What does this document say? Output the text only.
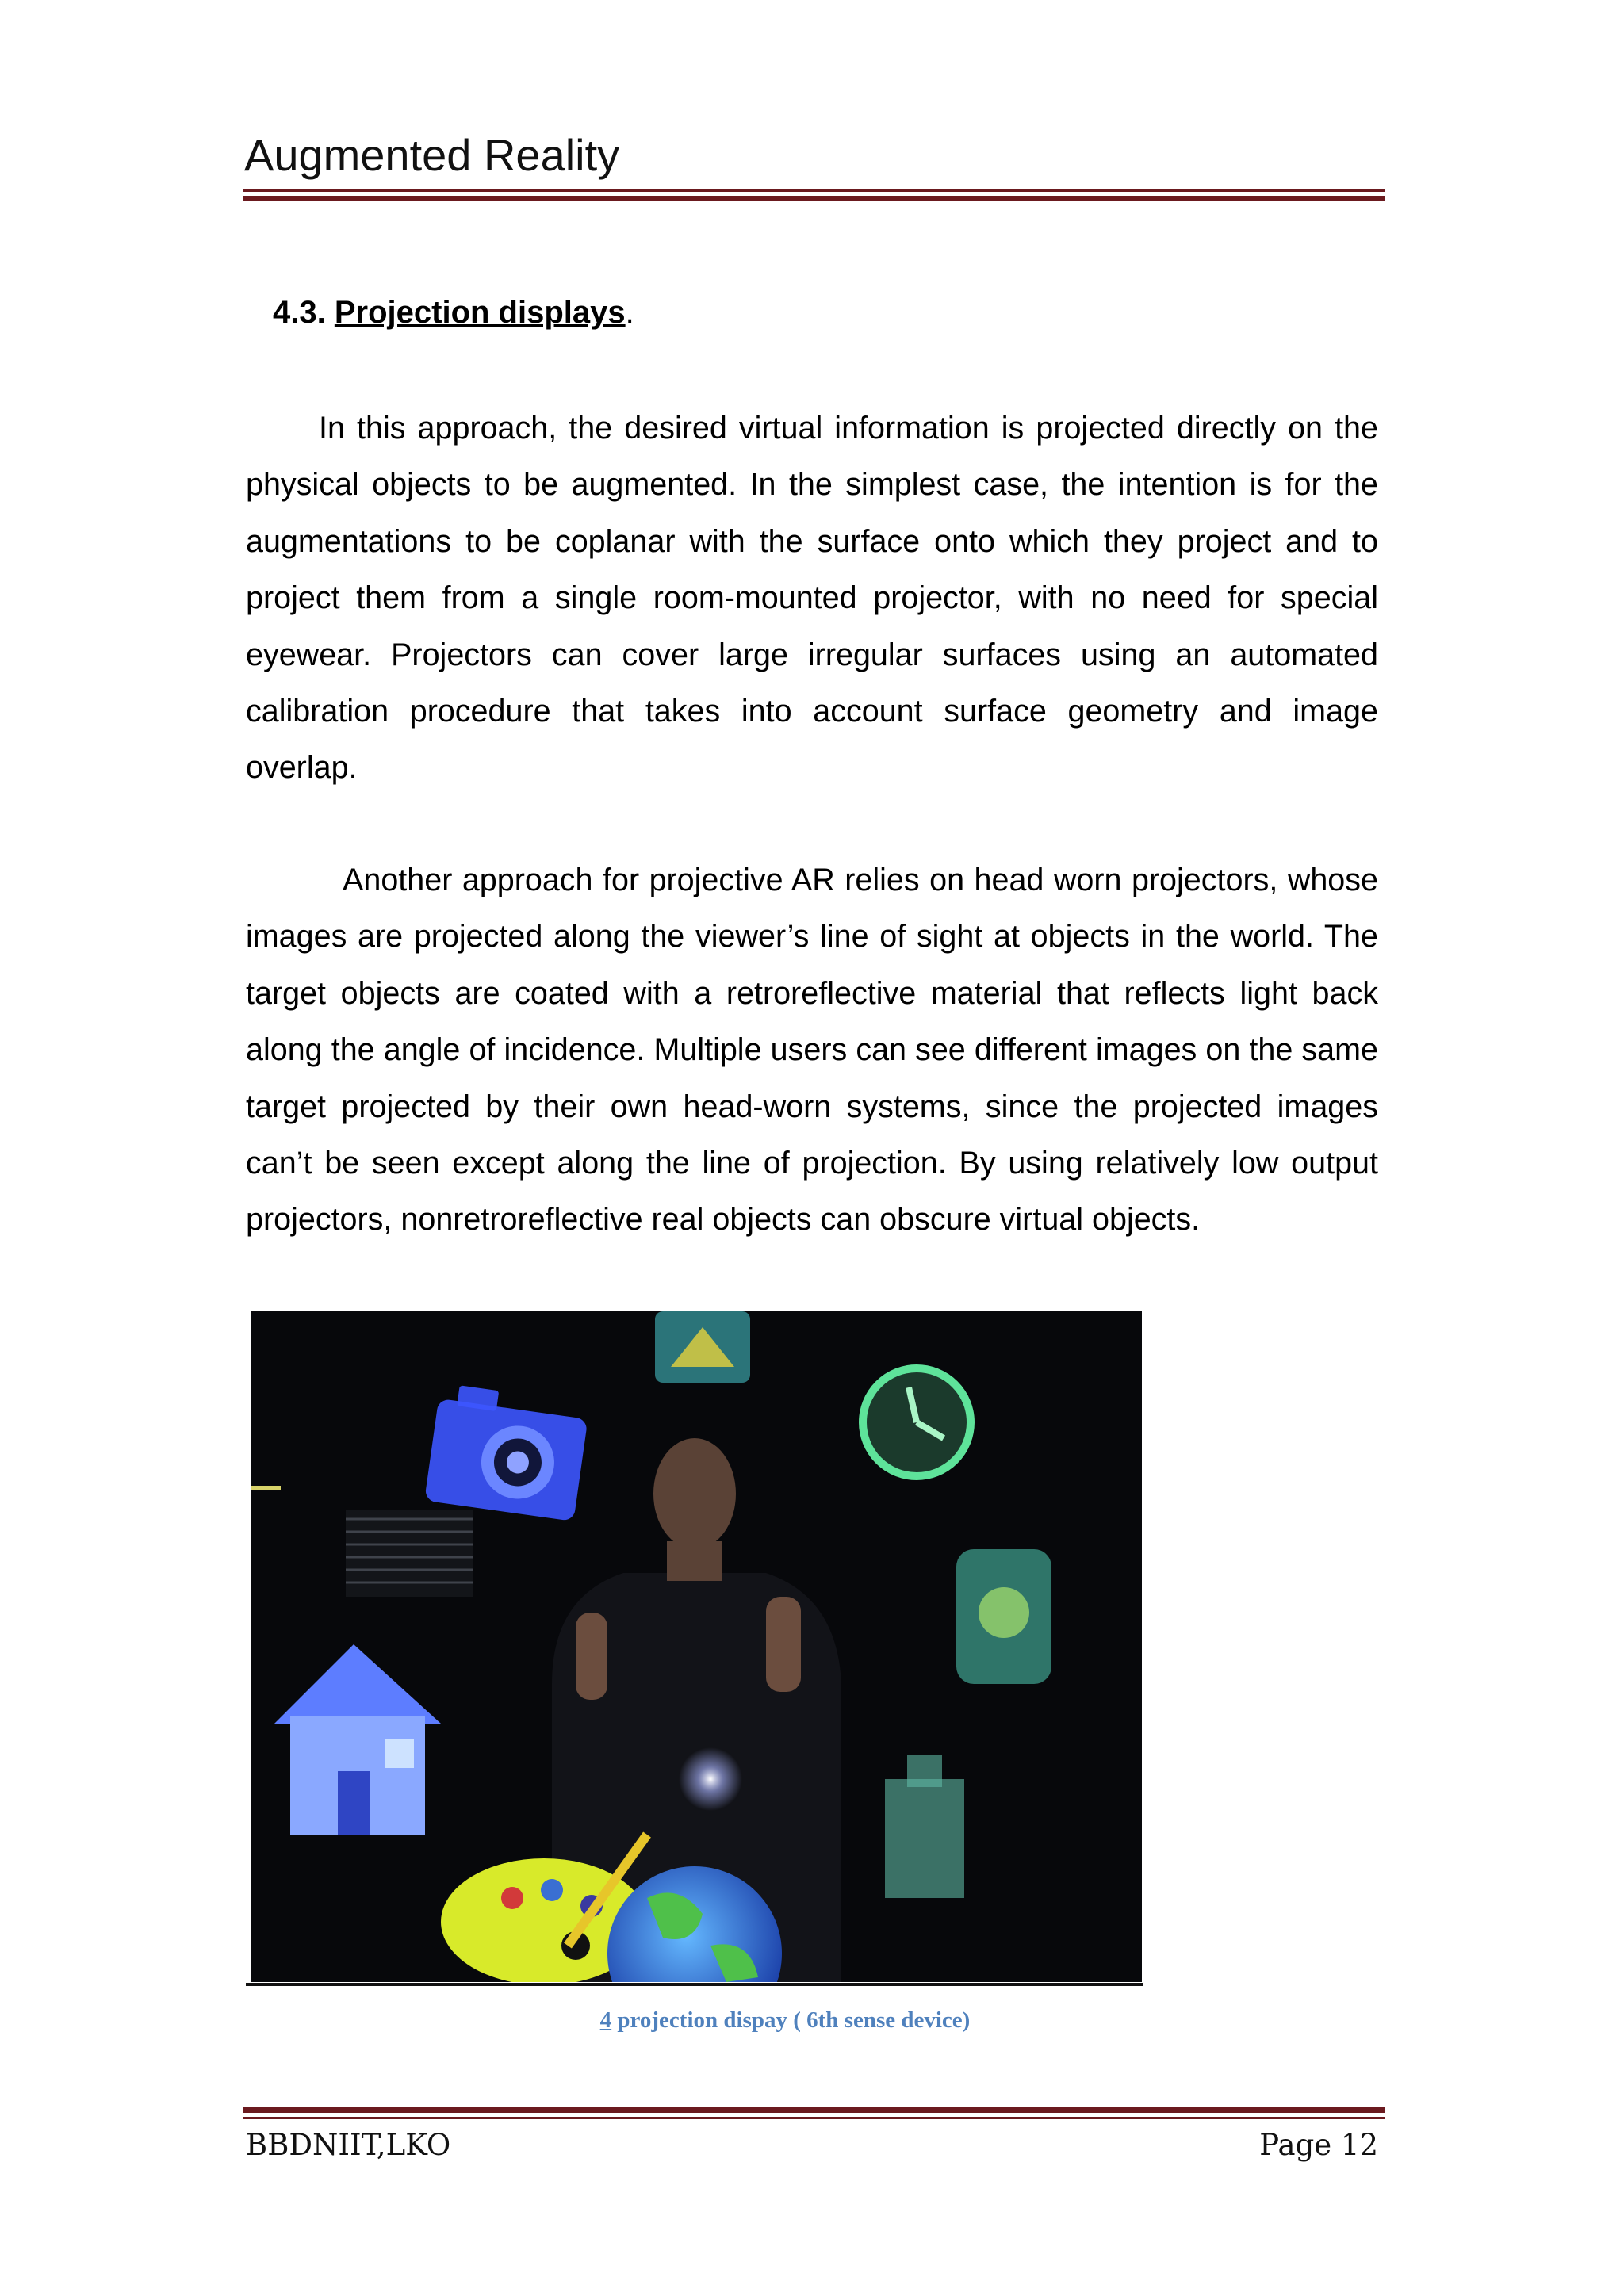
Augmented Reality
4.3. Projection displays.

In this approach, the desired virtual information is projected directly on the physical objects to be augmented. In the simplest case, the intention is for the augmentations to be coplanar with the surface onto which they project and to project them from a single room-mounted projector, with no need for special eyewear. Projectors can cover large irregular surfaces using an automated calibration procedure that takes into account surface geometry and image overlap.

Another approach for projective AR relies on head worn projectors, whose images are projected along the viewer’s line of sight at objects in the world. The target objects are coated with a retroreflective material that reflects light back along the angle of incidence. Multiple users can see different images on the same target projected by their own head-worn systems, since the projected images can’t be seen except along the line of projection. By using relatively low output projectors, nonretroreflective real objects can obscure virtual objects.

4 projection dispay ( 6th sense device)
BBDNIIT,LKO	Page 12
